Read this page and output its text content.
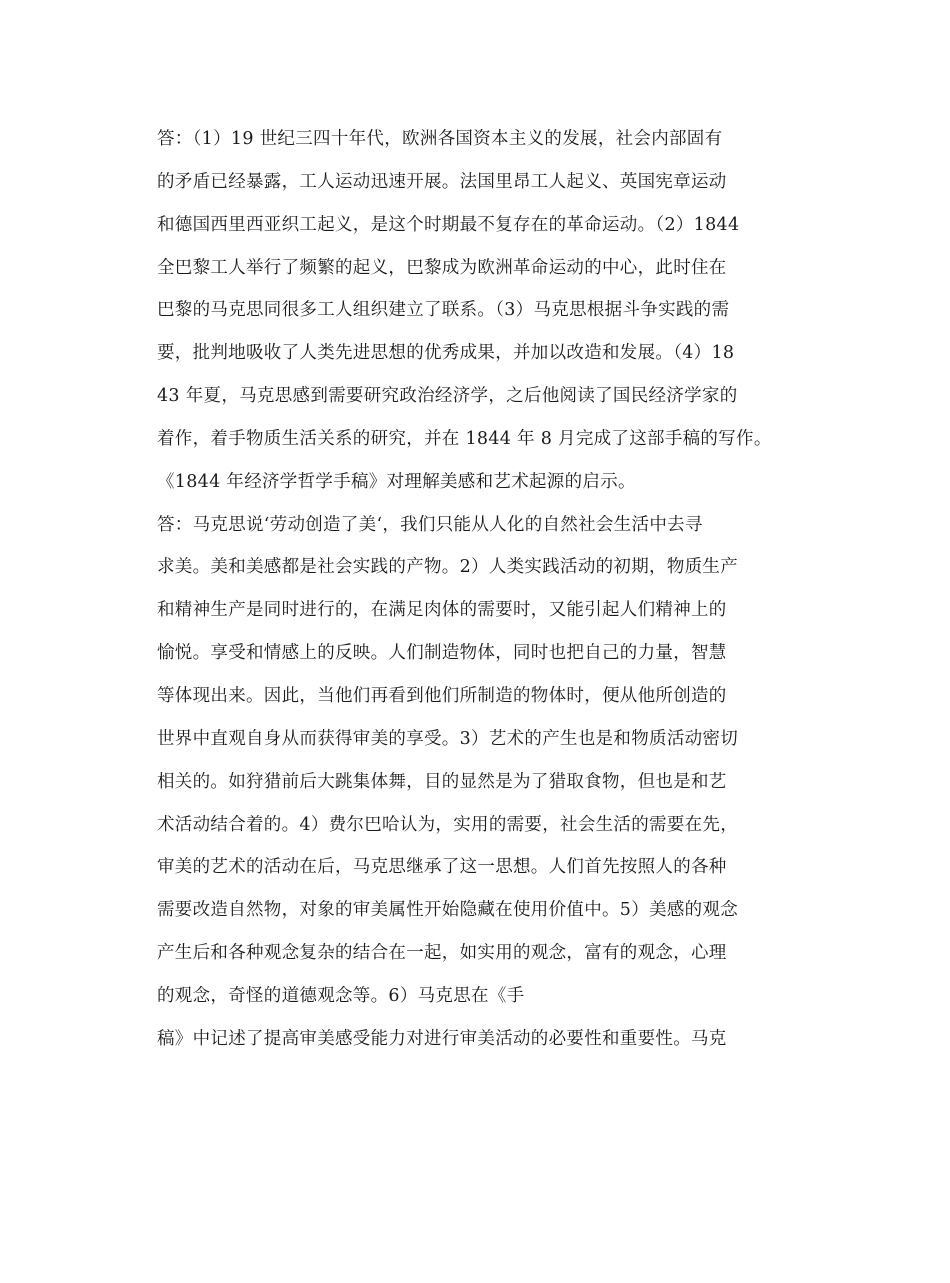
答：（1）19 世纪三四十年代，欧洲各国资本主义的发展，社会内部固有
的矛盾已经暴露，工人运动迅速开展。法国里昂工人起义、英国宪章运动
和德国西里西亚织工起义，是这个时期最不复存在的革命运动。（2）1844
全巴黎工人举行了频繁的起义，巴黎成为欧洲革命运动的中心，此时住在
巴黎的马克思同很多工人组织建立了联系。（3）马克思根据斗争实践的需
要，批判地吸收了人类先进思想的优秀成果，并加以改造和发展。（4）18
43 年夏，马克思感到需要研究政治经济学，之后他阅读了国民经济学家的
着作，着手物质生活关系的研究，并在 1844 年 8 月完成了这部手稿的写作。
《1844 年经济学哲学手稿》对理解美感和艺术起源的启示。
答：马克思说‘劳动创造了美‘，我们只能从人化的自然社会生活中去寻
求美。美和美感都是社会实践的产物。2）人类实践活动的初期，物质生产
和精神生产是同时进行的，在满足肉体的需要时，又能引起人们精神上的
愉悦。享受和情感上的反映。人们制造物体，同时也把自己的力量，智慧
等体现出来。因此，当他们再看到他们所制造的物体时，便从他所创造的
世界中直观自身从而获得审美的享受。3）艺术的产生也是和物质活动密切
相关的。如狩猎前后大跳集体舞，目的显然是为了猎取食物，但也是和艺
术活动结合着的。4）费尔巴哈认为，实用的需要，社会生活的需要在先，
审美的艺术的活动在后，马克思继承了这一思想。人们首先按照人的各种
需要改造自然物，对象的审美属性开始隐藏在使用价值中。5）美感的观念
产生后和各种观念复杂的结合在一起，如实用的观念，富有的观念，心理
的观念，奇怪的道德观念等。6）马克思在《手
稿》中记述了提高审美感受能力对进行审美活动的必要性和重要性。马克
